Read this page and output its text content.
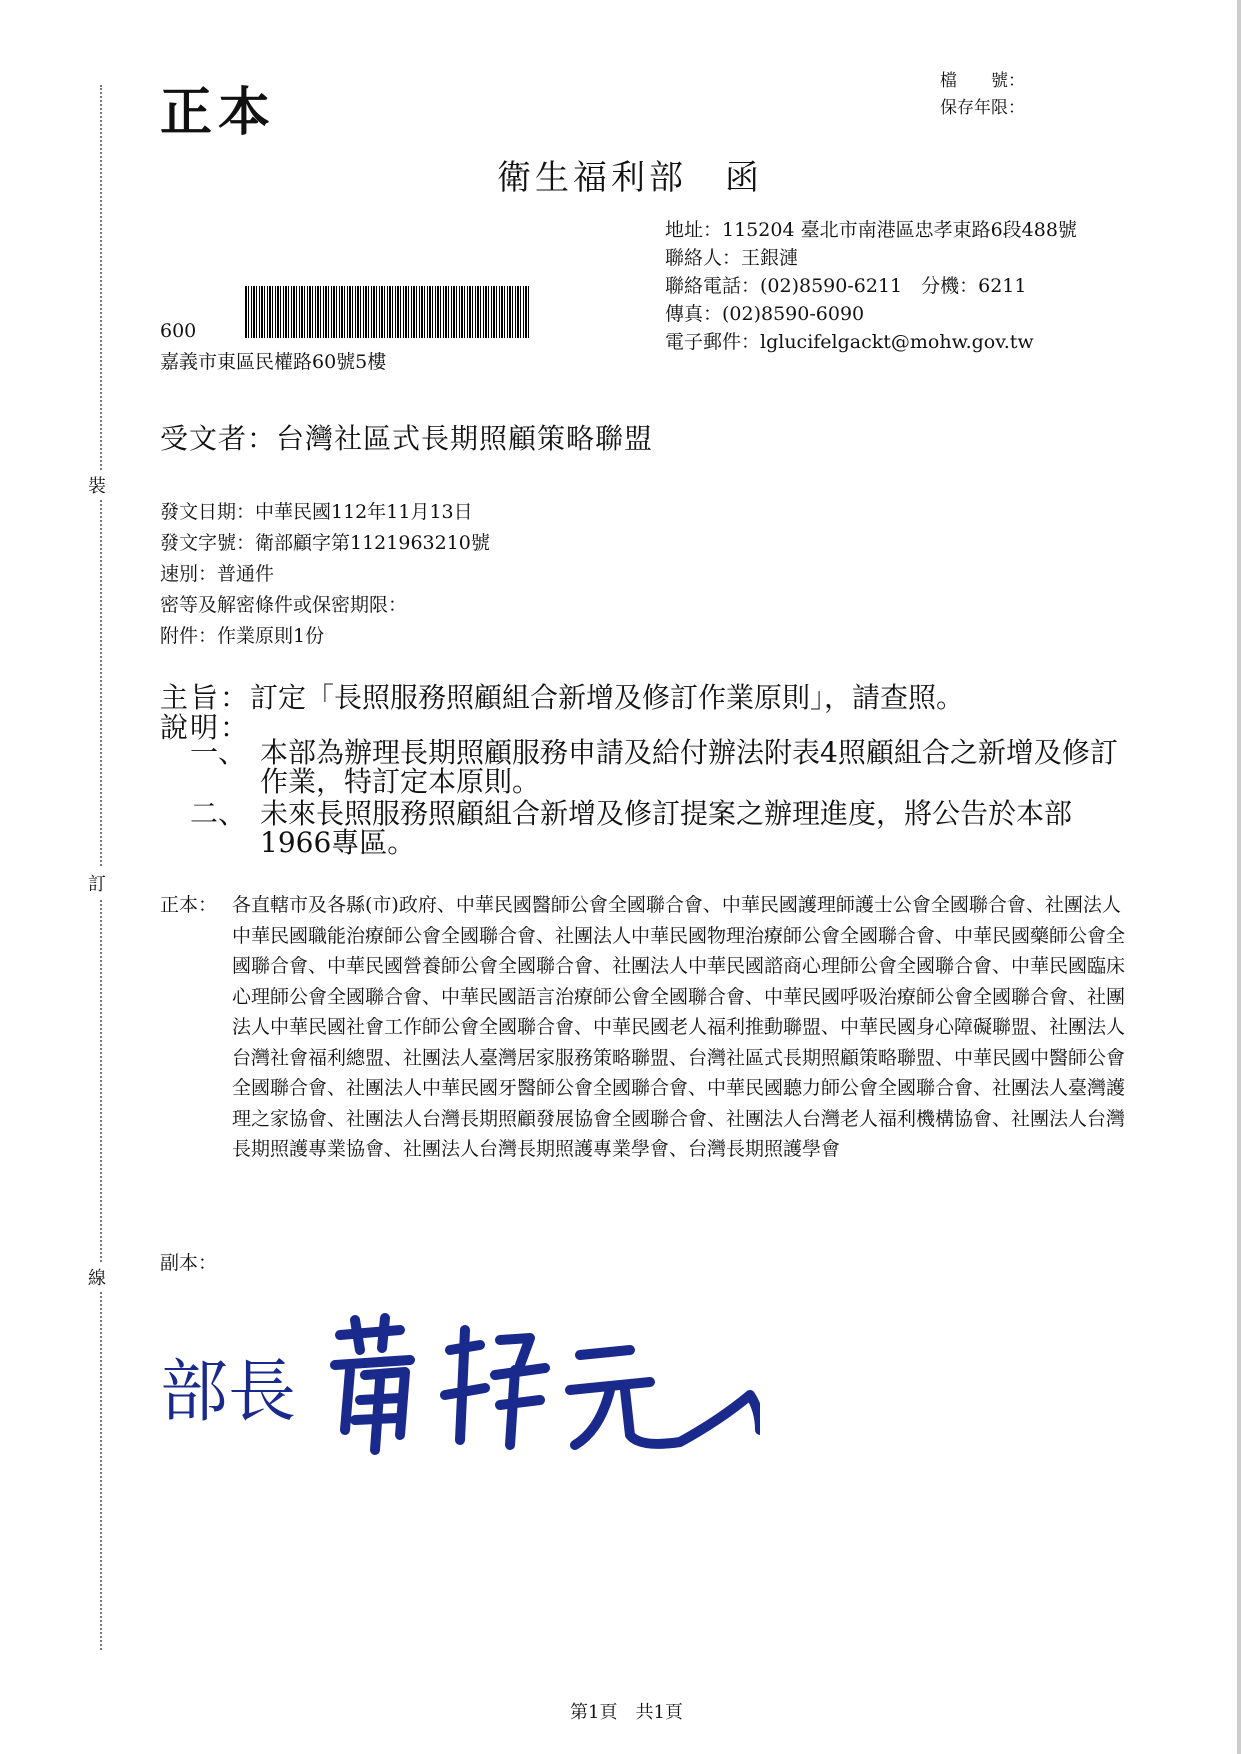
裝
訂
線
正本
檔　　號：
保存年限：
衛生福利部　函
地址：115204 臺北市南港區忠孝東路6段488號
聯絡人：王銀漣
聯絡電話：(02)8590-6211　分機：6211
傳真：(02)8590-6090
電子郵件：lglucifelgackt@mohw.gov.tw
600
嘉義市東區民權路60號5樓
受文者：台灣社區式長期照顧策略聯盟
發文日期：中華民國112年11月13日
發文字號：衛部顧字第1121963210號
速別：普通件
密等及解密條件或保密期限：
附件：作業原則1份
主旨：訂定「長照服務照顧組合新增及修訂作業原則」，請查照。
說明：
一、 本部為辦理長期照顧服務申請及給付辦法附表4照顧組合之新增及修訂作業，特訂定本原則。
二、 未來長照服務照顧組合新增及修訂提案之辦理進度，將公告於本部1966專區。
正本： 各直轄市及各縣(市)政府、中華民國醫師公會全國聯合會、中華民國護理師護士公會全國聯合會、社團法人中華民國職能治療師公會全國聯合會、社團法人中華民國物理治療師公會全國聯合會、中華民國藥師公會全國聯合會、中華民國營養師公會全國聯合會、社團法人中華民國諮商心理師公會全國聯合會、中華民國臨床心理師公會全國聯合會、中華民國語言治療師公會全國聯合會、中華民國呼吸治療師公會全國聯合會、社團法人中華民國社會工作師公會全國聯合會、中華民國老人福利推動聯盟、中華民國身心障礙聯盟、社團法人台灣社會福利總盟、社團法人臺灣居家服務策略聯盟、台灣社區式長期照顧策略聯盟、中華民國中醫師公會全國聯合會、社團法人中華民國牙醫師公會全國聯合會、中華民國聽力師公會全國聯合會、社團法人臺灣護理之家協會、社團法人台灣長期照顧發展協會全國聯合會、社團法人台灣老人福利機構協會、社團法人台灣長期照護專業協會、社團法人台灣長期照護專業學會、台灣長期照護學會
副本：
部長
第1頁　共1頁
